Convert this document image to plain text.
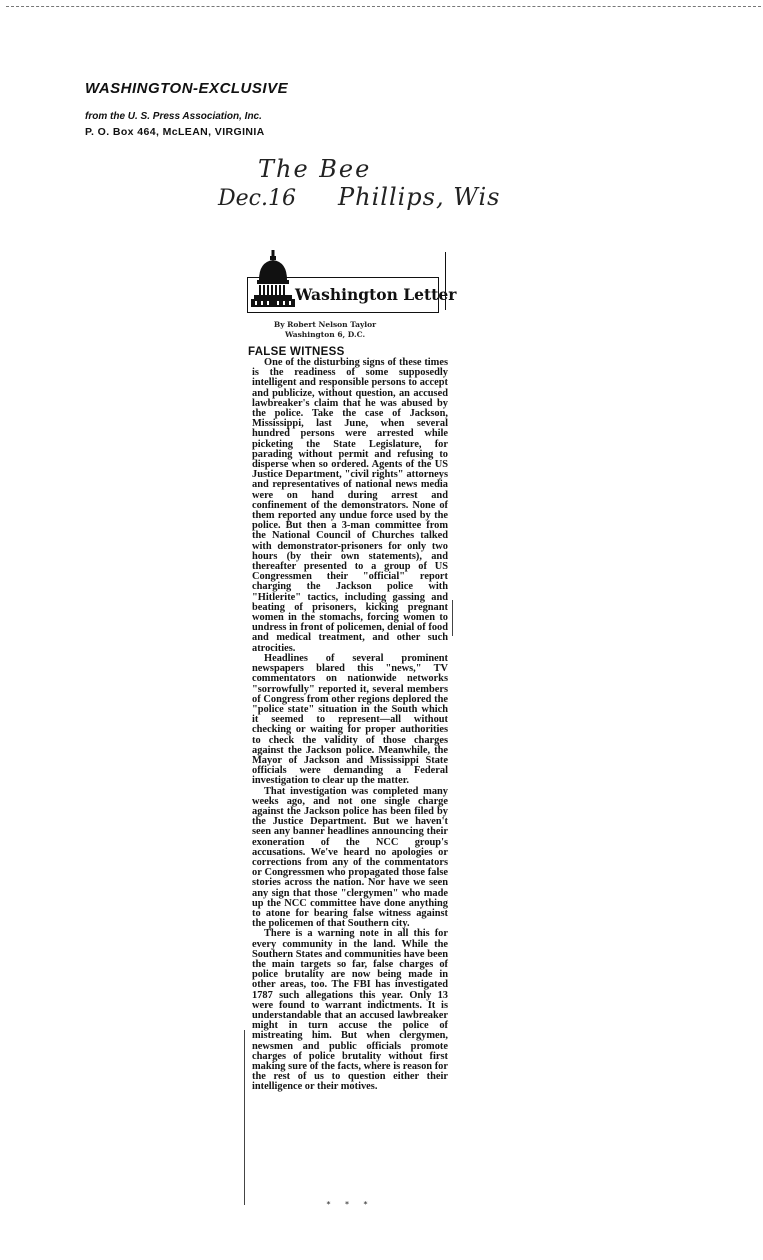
WASHINGTON-EXCLUSIVE
from the U. S. Press Association, Inc.
P. O. Box 464, McLEAN, VIRGINIA
The Bee
Dec.16 Phillips, Wis
Washington Letter
By Robert Nelson Taylor
Washington 6, D.C.
FALSE WITNESS

One of the disturbing signs of these times is the readiness of some supposedly intelligent and responsible persons to accept and publicize, without question, an accused lawbreaker's claim that he was abused by the police. Take the case of Jackson, Mississippi, last June, when several hundred persons were arrested while picketing the State Legislature, for parading without permit and refusing to disperse when so ordered. Agents of the US Justice Department, "civil rights" attorneys and representatives of national news media were on hand during arrest and confinement of the demonstrators. None of them reported any undue force used by the police. But then a 3-man committee from the National Council of Churches talked with demonstrator-prisoners for only two hours (by their own statements), and thereafter presented to a group of US Congressmen their "official" report charging the Jackson police with "Hitlerite" tactics, including gassing and beating of prisoners, kicking pregnant women in the stomachs, forcing women to undress in front of policemen, denial of food and medical treatment, and other such atrocities.

Headlines of several prominent newspapers blared this "news," TV commentators on nationwide networks "sorrowfully" reported it, several members of Congress from other regions deplored the "police state" situation in the South which it seemed to represent—all without checking or waiting for proper authorities to check the validity of those charges against the Jackson police. Meanwhile, the Mayor of Jackson and Mississippi State officials were demanding a Federal investigation to clear up the matter.

That investigation was completed many weeks ago, and not one single charge against the Jackson police has been filed by the Justice Department. But we haven't seen any banner headlines announcing their exoneration of the NCC group's accusations. We've heard no apologies or corrections from any of the commentators or Congressmen who propagated those false stories across the nation. Nor have we seen any sign that those "clergymen" who made up the NCC committee have done anything to atone for bearing false witness against the policemen of that Southern city.

There is a warning note in all this for every community in the land. While the Southern States and communities have been the main targets so far, false charges of police brutality are now being made in other areas, too. The FBI has investigated 1787 such allegations this year. Only 13 were found to warrant indictments. It is understandable that an accused lawbreaker might in turn accuse the police of mistreating him. But when clergymen, newsmen and public officials promote charges of police brutality without first making sure of the facts, where is reason for the rest of us to question either their intelligence or their motives.

* * *
